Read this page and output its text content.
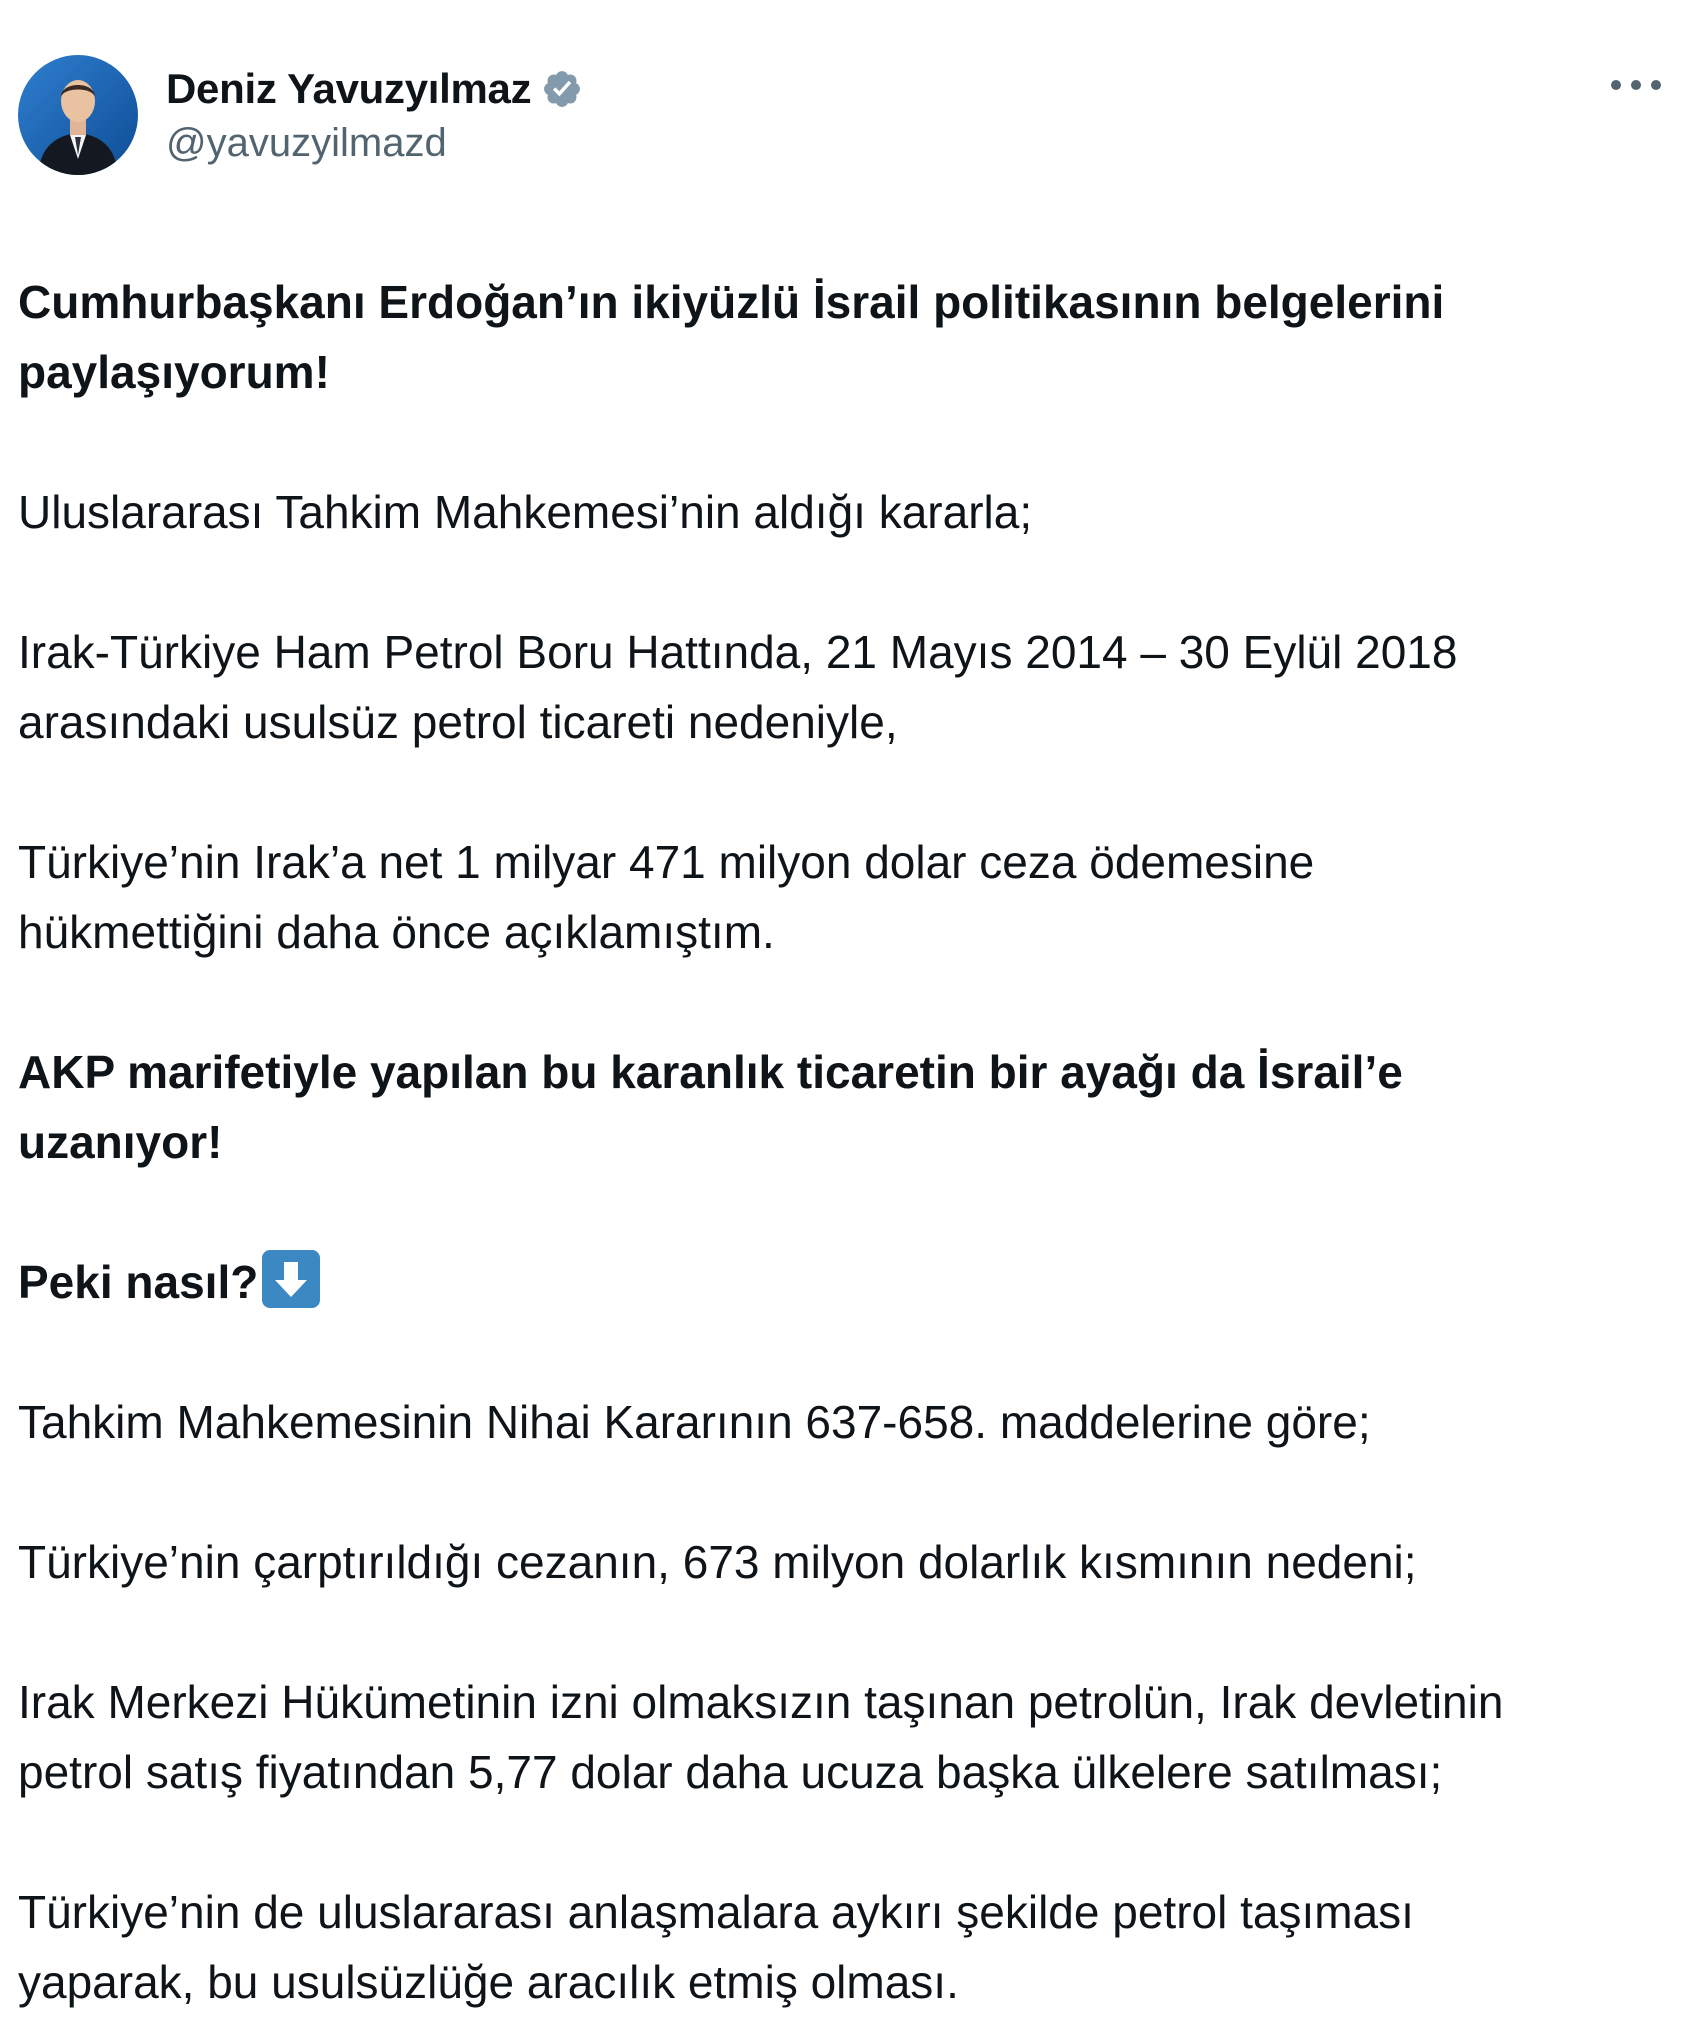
Deniz Yavuzyılmaz
@yavuzyilmazd

Cumhurbaşkanı Erdoğan’ın ikiyüzlü İsrail politikasının belgelerini
paylaşıyorum!

Uluslararası Tahkim Mahkemesi’nin aldığı kararla;

Irak-Türkiye Ham Petrol Boru Hattında, 21 Mayıs 2014 – 30 Eylül 2018
arasındaki usulsüz petrol ticareti nedeniyle,

Türkiye’nin Irak’a net 1 milyar 471 milyon dolar ceza ödemesine
hükmettiğini daha önce açıklamıştım.

AKP marifetiyle yapılan bu karanlık ticaretin bir ayağı da İsrail’e
uzanıyor!

Peki nasıl?

Tahkim Mahkemesinin Nihai Kararının 637-658. maddelerine göre;

Türkiye’nin çarptırıldığı cezanın, 673 milyon dolarlık kısmının nedeni;

Irak Merkezi Hükümetinin izni olmaksızın taşınan petrolün, Irak devletinin
petrol satış fiyatından 5,77 dolar daha ucuza başka ülkelere satılması;

Türkiye’nin de uluslararası anlaşmalara aykırı şekilde petrol taşıması
yaparak, bu usulsüzlüğe aracılık etmiş olması.
